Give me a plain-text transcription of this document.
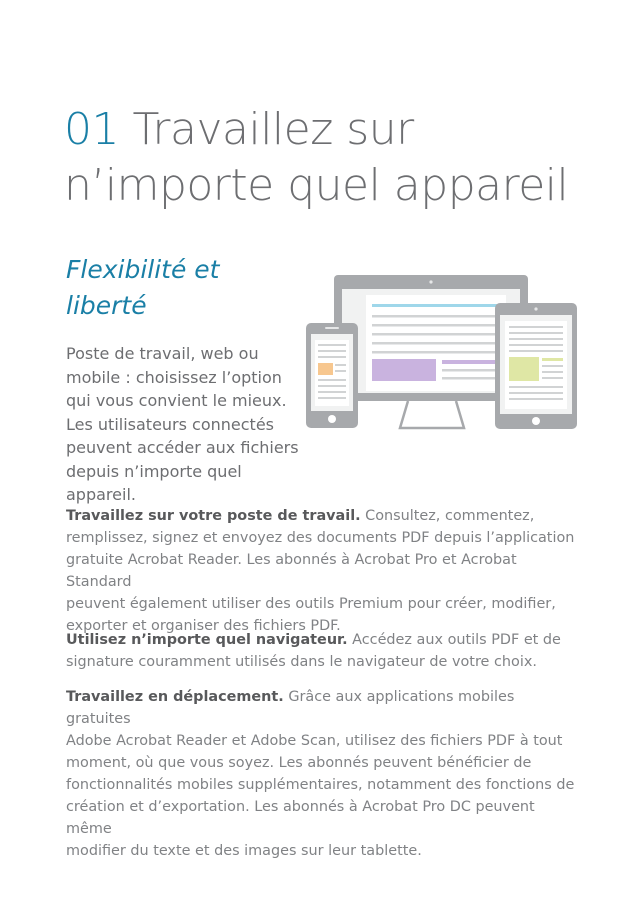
01 Travaillez sur
n’importe quel appareil
Flexibilité et
liberté

Poste de travail, web ou
mobile : choisissez l’option
qui vous convient le mieux.
Les utilisateurs connectés
peuvent accéder aux fichiers
depuis n’importe quel appareil.

Travaillez sur votre poste de travail. Consultez, commentez,
remplissez, signez et envoyez des documents PDF depuis l’application
gratuite Acrobat Reader. Les abonnés à Acrobat Pro et Acrobat Standard
peuvent également utiliser des outils Premium pour créer, modifier,
exporter et organiser des fichiers PDF.

Utilisez n’importe quel navigateur. Accédez aux outils PDF et de
signature couramment utilisés dans le navigateur de votre choix.

Travaillez en déplacement. Grâce aux applications mobiles gratuites
Adobe Acrobat Reader et Adobe Scan, utilisez des fichiers PDF à tout
moment, où que vous soyez. Les abonnés peuvent bénéficier de
fonctionnalités mobiles supplémentaires, notamment des fonctions de
création et d’exportation. Les abonnés à Acrobat Pro DC peuvent même
modifier du texte et des images sur leur tablette.
